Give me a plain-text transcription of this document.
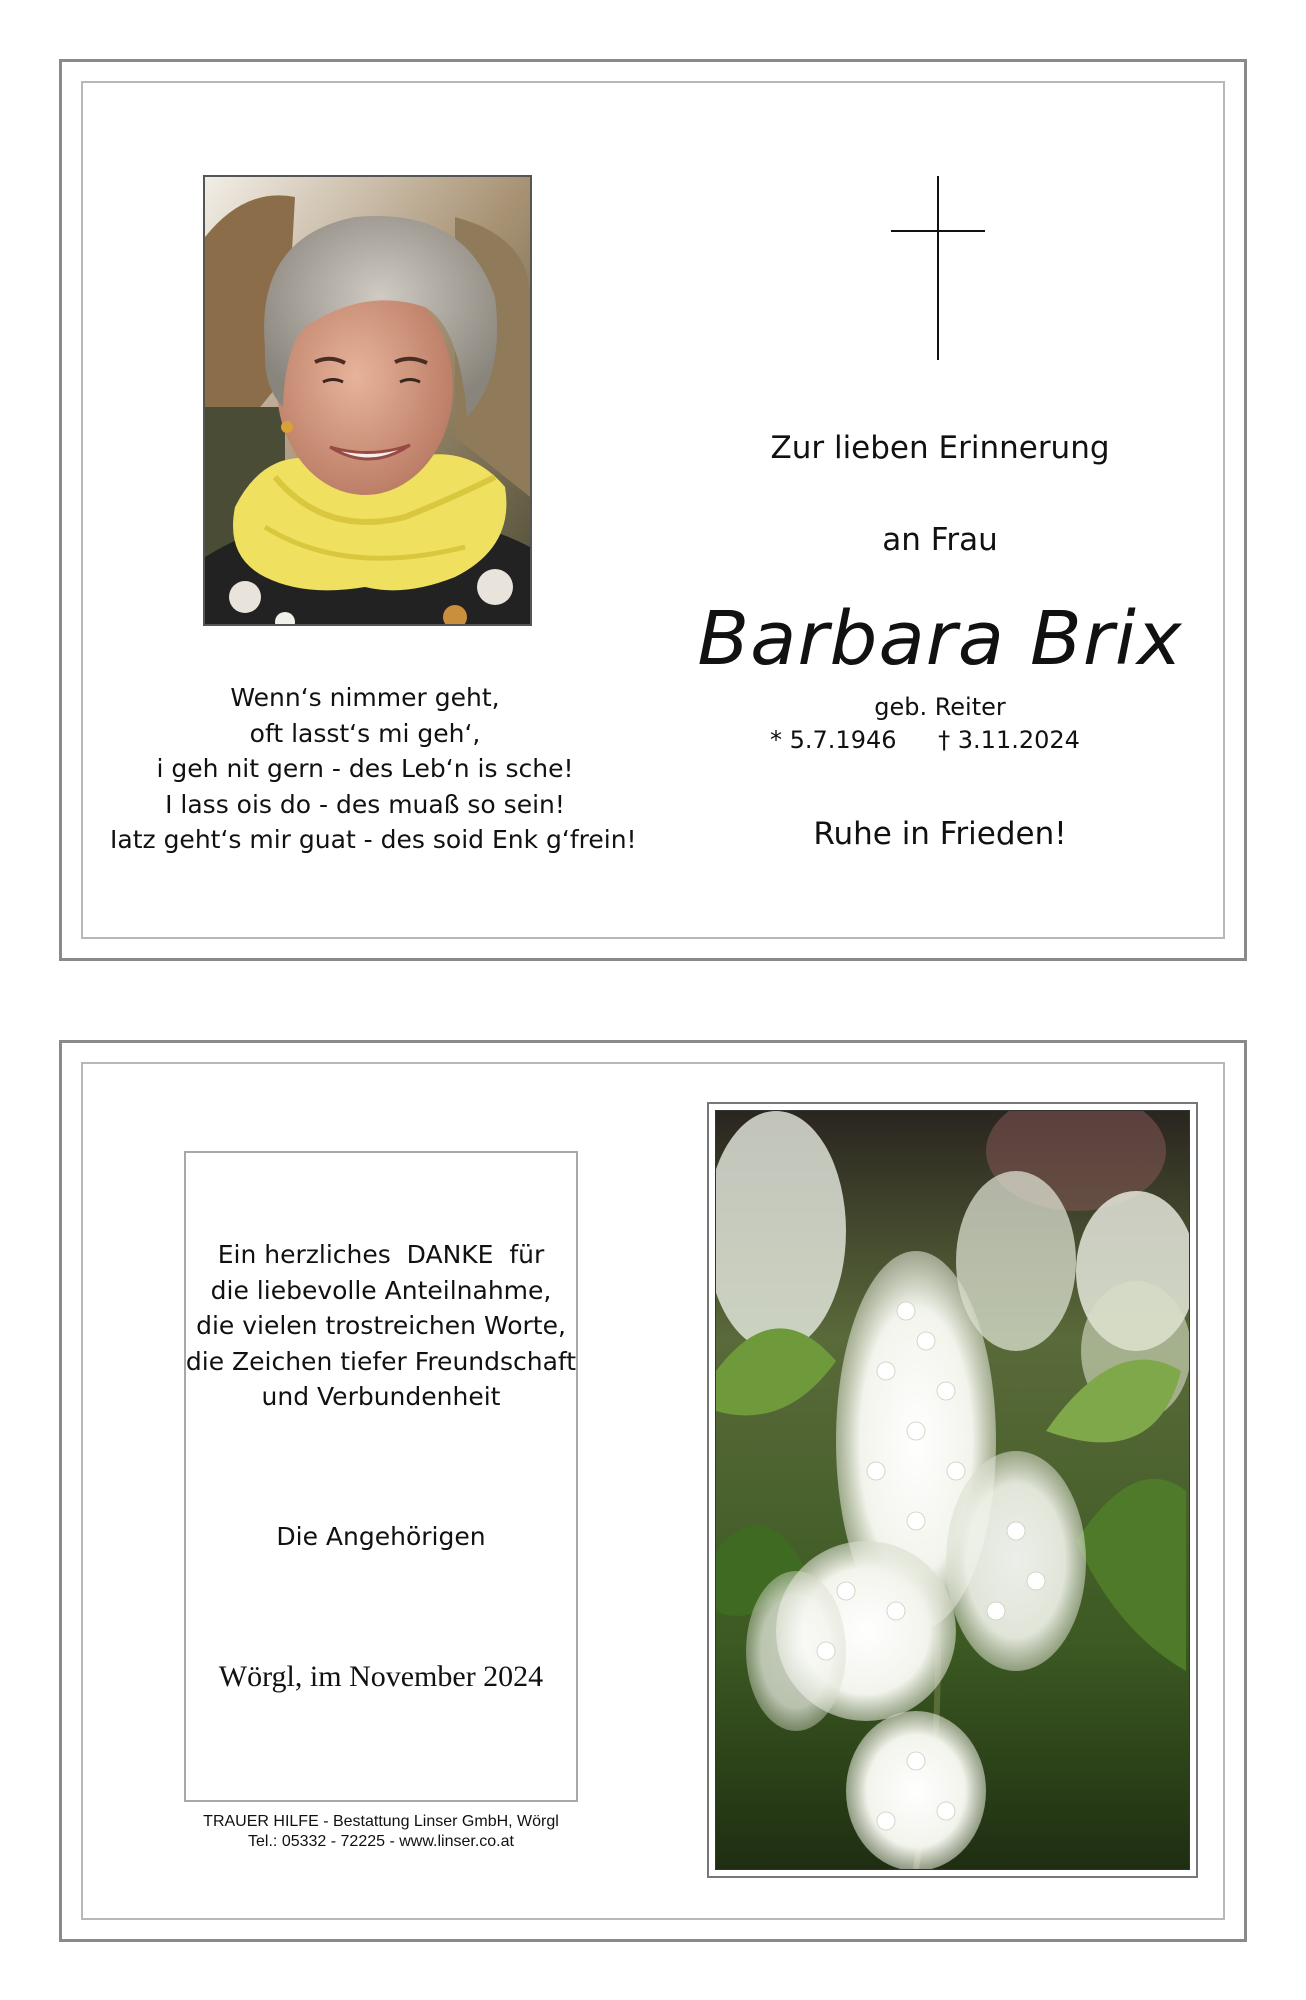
Wenn‘s nimmer geht,
oft lasst‘s mi geh‘,
i geh nit gern - des Leb‘n is sche!
I lass ois do - des muaß so sein!
Iatz geht‘s mir guat - des soid Enk g‘frein!
Zur lieben Erinnerung
an Frau
Barbara Brix
geb. Reiter
* 5.7.1946 † 3.11.2024
Ruhe in Frieden!
Ein herzliches  DANKE  für
die liebevolle Anteilnahme,
die vielen trostreichen Worte,
die Zeichen tiefer Freundschaft
und Verbundenheit
Die Angehörigen
Wörgl, im November 2024
TRAUER HILFE - Bestattung Linser GmbH, Wörgl
Tel.: 05332 - 72225 - www.linser.co.at
